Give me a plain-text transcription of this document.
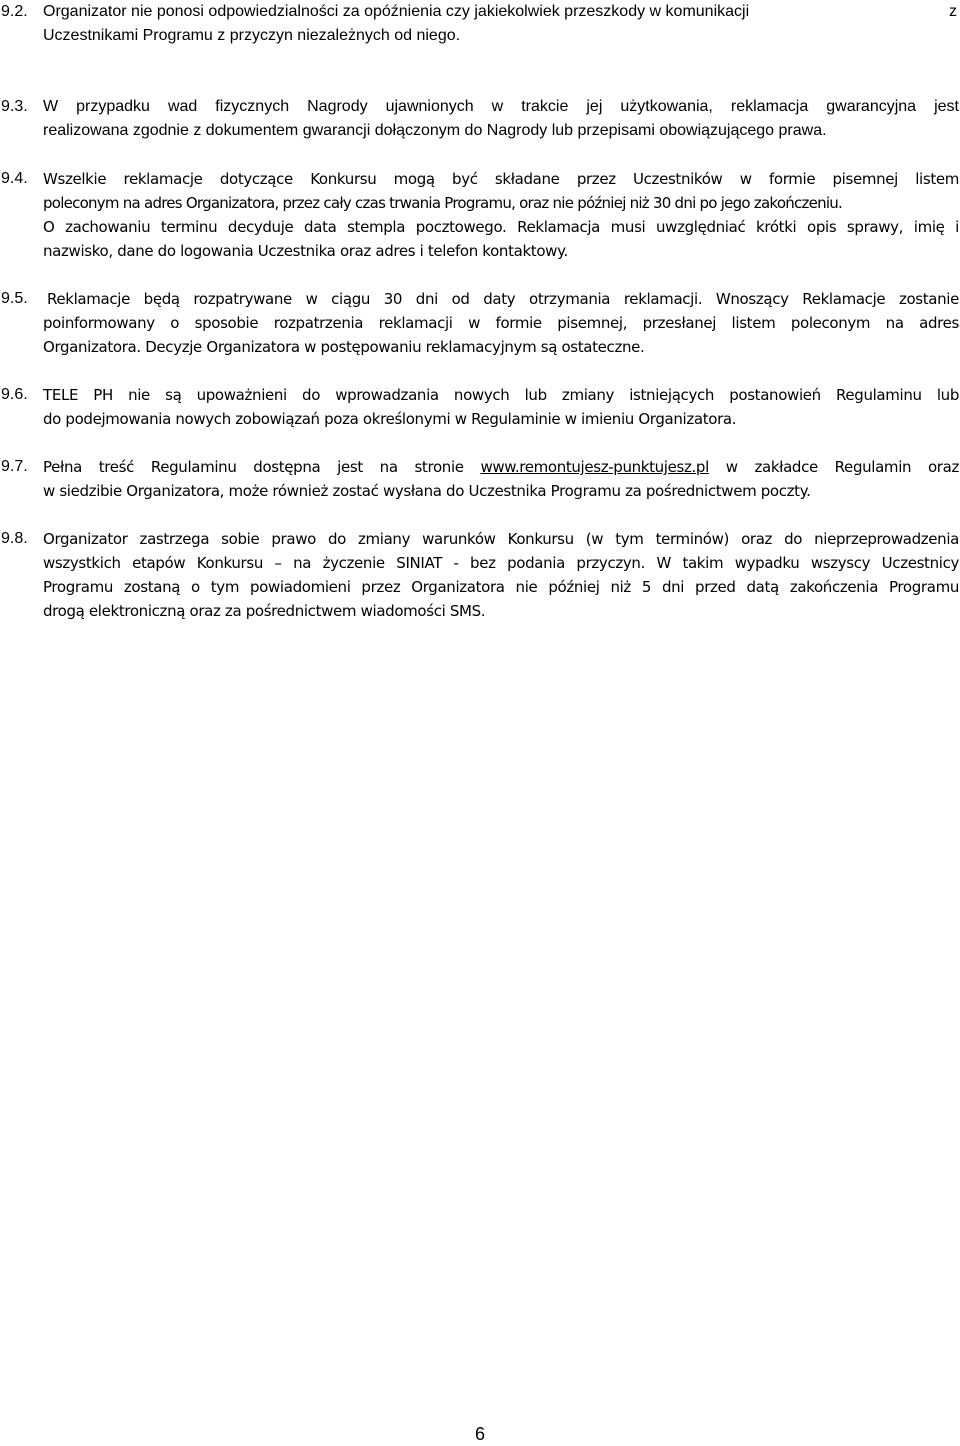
9.2. Organizator nie ponosi odpowiedzialności za opóźnienia czy jakiekolwiek przeszkody w komunikacji
Uczestnikami Programu z przyczyn niezależnych od niego.
z
9.3. W przypadku wad fizycznych Nagrody ujawnionych w trakcie jej użytkowania, reklamacja gwarancyjna jest
realizowana zgodnie z dokumentem gwarancji dołączonym do Nagrody lub przepisami obowiązującego prawa.
9.4. Wszelkie reklamacje dotyczące Konkursu mogą być składane przez Uczestników w formie pisemnej listem
poleconym na adres Organizatora, przez cały czas trwania Programu, oraz nie później niż 30 dni po jego zakończeniu.
O zachowaniu terminu decyduje data stempla pocztowego. Reklamacja musi uwzględniać krótki opis sprawy, imię i
nazwisko, dane do logowania Uczestnika oraz adres i telefon kontaktowy.
9.5. Reklamacje będą rozpatrywane w ciągu 30 dni od daty otrzymania reklamacji. Wnoszący Reklamacje zostanie
poinformowany o sposobie rozpatrzenia reklamacji w formie pisemnej, przesłanej listem poleconym na adres
Organizatora. Decyzje Organizatora w postępowaniu reklamacyjnym są ostateczne.
9.6. TELE PH nie są upoważnieni do wprowadzania nowych lub zmiany istniejących postanowień Regulaminu lub
do podejmowania nowych zobowiązań poza określonymi w Regulaminie w imieniu Organizatora.
9.7. Pełna treść Regulaminu dostępna jest na stronie www.remontujesz-punktujesz.pl w zakładce Regulamin oraz
w siedzibie Organizatora, może również zostać wysłana do Uczestnika Programu za pośrednictwem poczty.
9.8. Organizator zastrzega sobie prawo do zmiany warunków Konkursu (w tym terminów) oraz do nieprzeprowadzenia
wszystkich etapów Konkursu – na życzenie SINIAT - bez podania przyczyn. W takim wypadku wszyscy Uczestnicy
Programu zostaną o tym powiadomieni przez Organizatora nie później niż 5 dni przed datą zakończenia Programu
drogą elektroniczną oraz za pośrednictwem wiadomości SMS.
6
